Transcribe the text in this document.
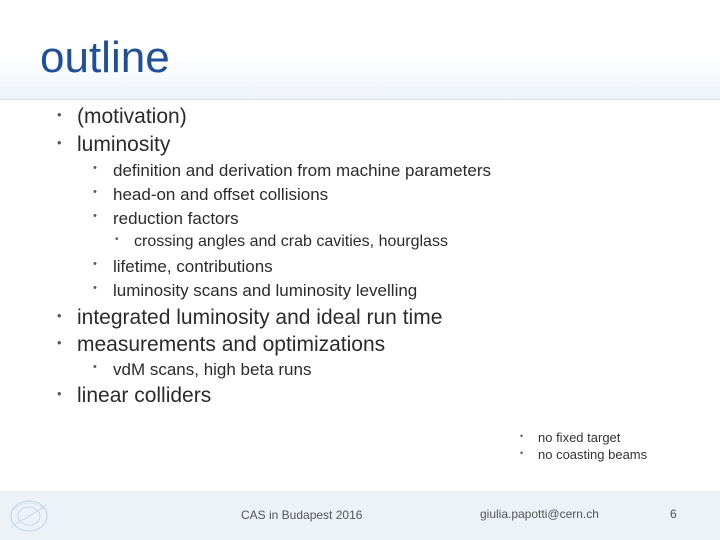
outline
• (motivation)
• luminosity
• definition and derivation from machine parameters
• head-on and offset collisions
• reduction factors
• crossing angles and crab cavities, hourglass
• lifetime, contributions
• luminosity scans and luminosity levelling
• integrated luminosity and ideal run time
• measurements and optimizations
• vdM scans, high beta runs
• linear colliders
• no fixed target
• no coasting beams
CAS in Budapest 2016	giulia.papotti@cern.ch	6
